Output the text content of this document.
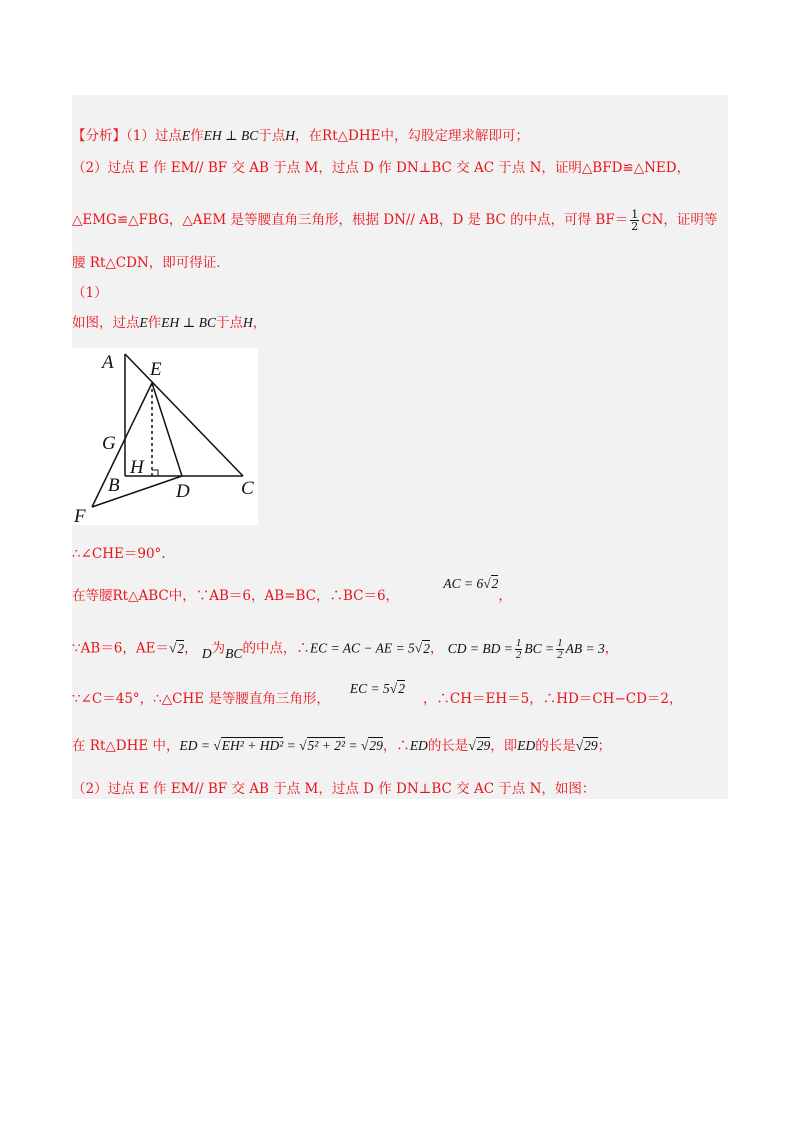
【分析】（1）过点E作EH ⊥ BC于点H，在Rt△DHE中，勾股定理求解即可；
（2）过点 E 作 EM// BF 交 AB 于点 M，过点 D 作 DN⊥BC 交 AC 于点 N，证明△BFD≌△NED，
△EMG≌△FBG，△AEM 是等腰直角三角形，根据 DN// AB，D 是 BC 的中点，可得 $BF= \frac{1}{2}$ CN，证明等
腰 Rt△CDN，即可得证．
（1）
如图，过点E作EH ⊥ BC于点H，
A E
G
H
B	D	C
F
∴∠CHE＝90°.
在等腰Rt△ABC中，∵AB＝6，AB=BC，∴BC＝6， AC = 6√2，
∵AB＝6，AE＝√2， D为BC的中点，∴EC = AC − AE = 5√2， CD = BD = $\frac{1}{2}$ BC = $\frac{1}{2}$ AB = 3，
∵∠C＝45°，∴△CHE 是等腰直角三角形，EC = 5√2，∴CH＝EH＝5，∴HD＝CH−CD＝2，
在 Rt△DHE 中，ED = √EH² + HD² = √5² + 2² = √29，∴ED的长是√29，即ED的长是√29；
（2）过点 E 作 EM// BF 交 AB 于点 M，过点 D 作 DN⊥BC 交 AC 于点 N，如图：
